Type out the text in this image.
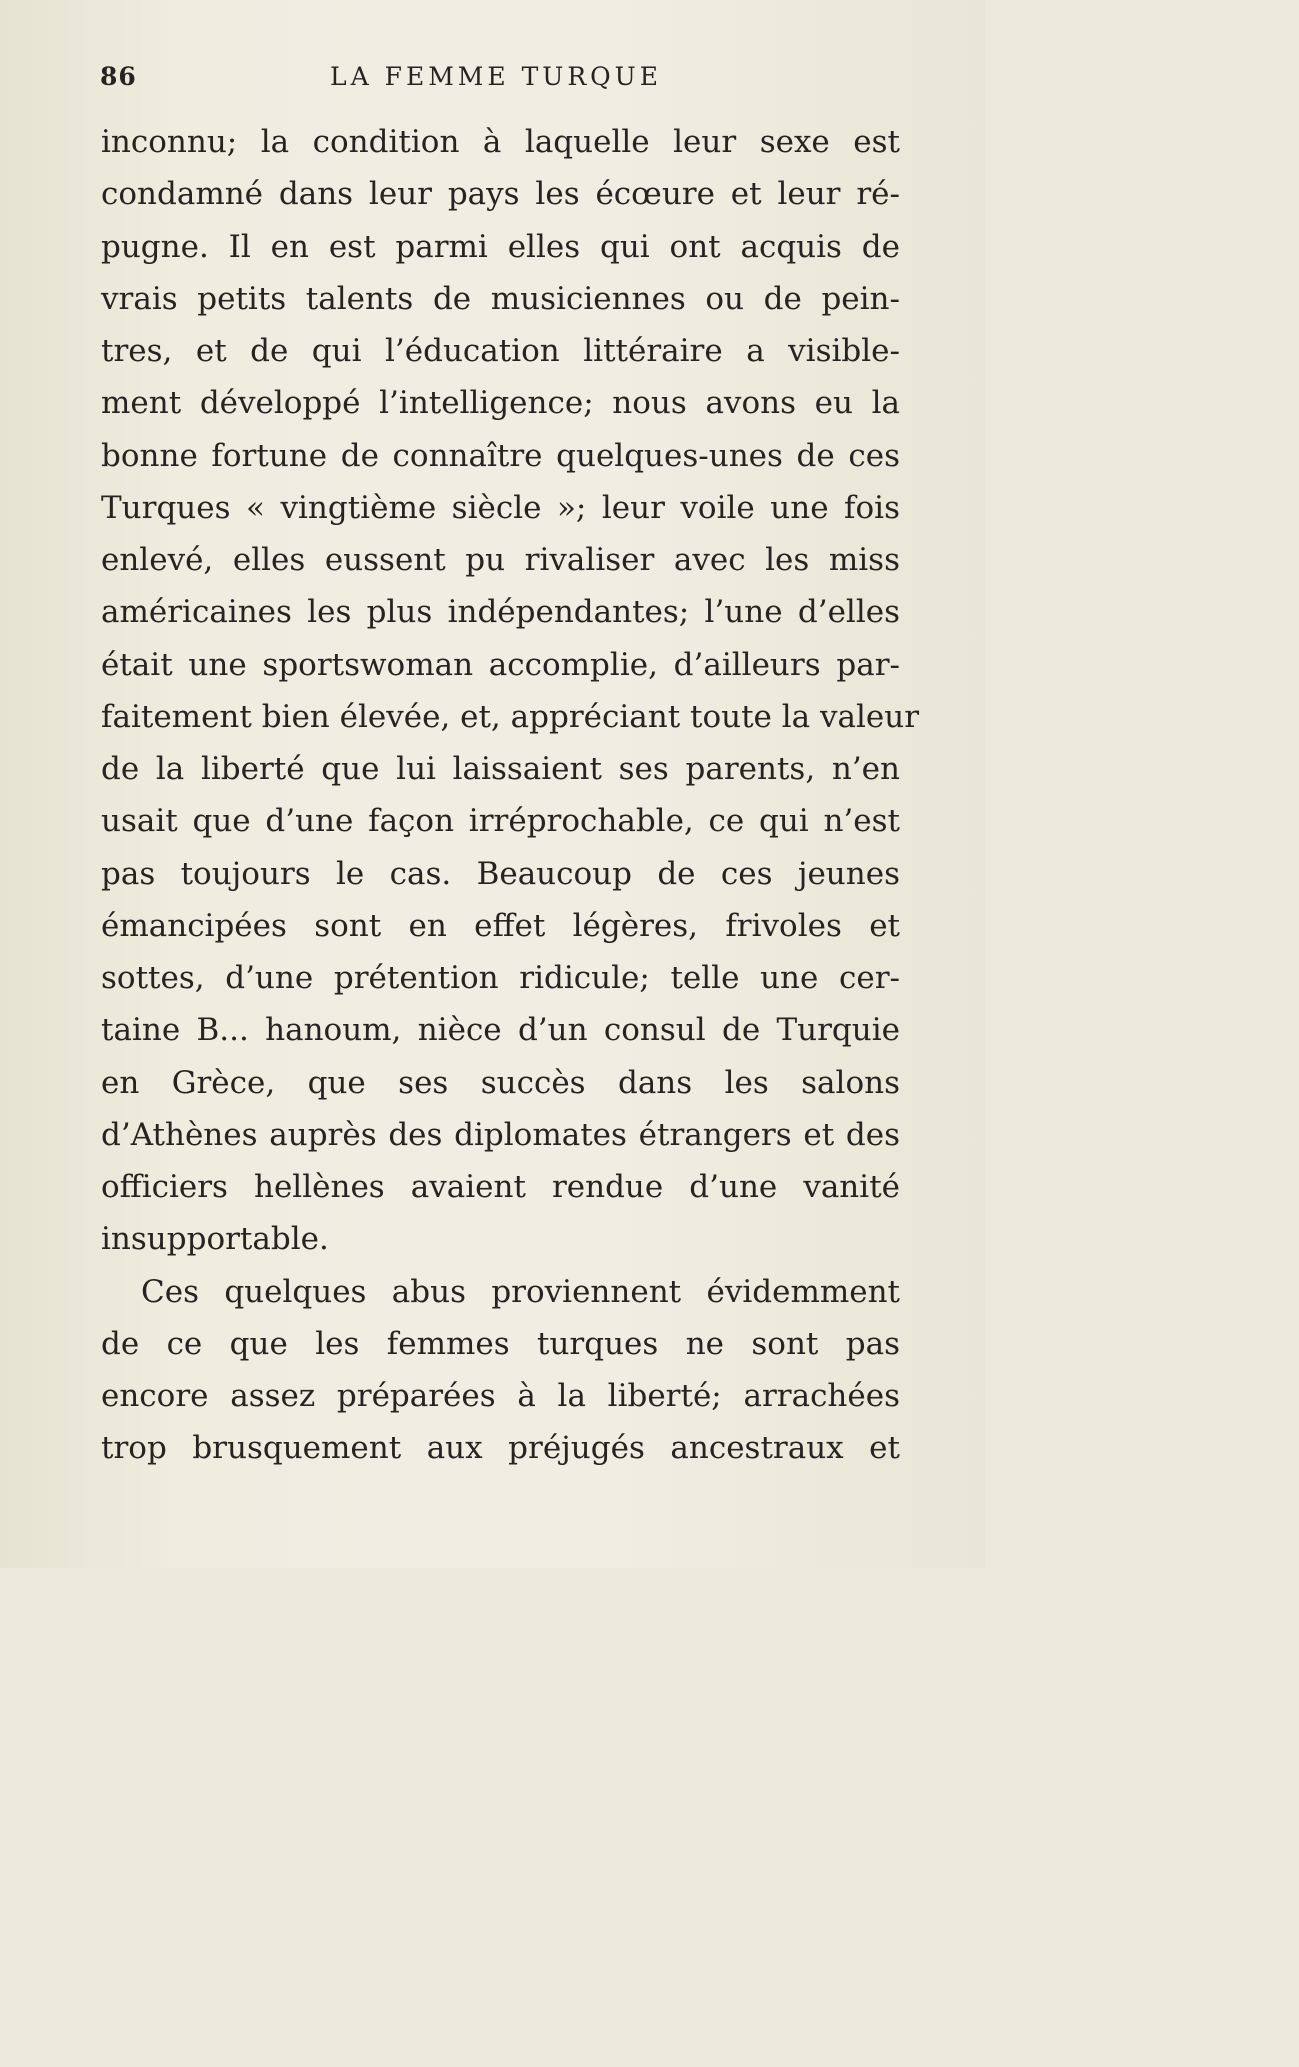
86	LA FEMME TURQUE
inconnu; la condition à laquelle leur sexe est
condamné dans leur pays les écœure et leur ré-
pugne. Il en est parmi elles qui ont acquis de
vrais petits talents de musiciennes ou de pein-
tres, et de qui l’éducation littéraire a visible-
ment développé l’intelligence; nous avons eu la
bonne fortune de connaître quelques-unes de ces
Turques « vingtième siècle »; leur voile une fois
enlevé, elles eussent pu rivaliser avec les miss
américaines les plus indépendantes; l’une d’elles
était une sportswoman accomplie, d’ailleurs par-
faitement bien élevée, et, appréciant toute la valeur
de la liberté que lui laissaient ses parents, n’en
usait que d’une façon irréprochable, ce qui n’est
pas toujours le cas. Beaucoup de ces jeunes
émancipées sont en effet légères, frivoles et
sottes, d’une prétention ridicule; telle une cer-
taine B... hanoum, nièce d’un consul de Turquie
en Grèce, que ses succès dans les salons
d’Athènes auprès des diplomates étrangers et des
officiers hellènes avaient rendue d’une vanité
insupportable.
Ces quelques abus proviennent évidemment
de ce que les femmes turques ne sont pas
encore assez préparées à la liberté; arrachées
trop brusquement aux préjugés ancestraux et
